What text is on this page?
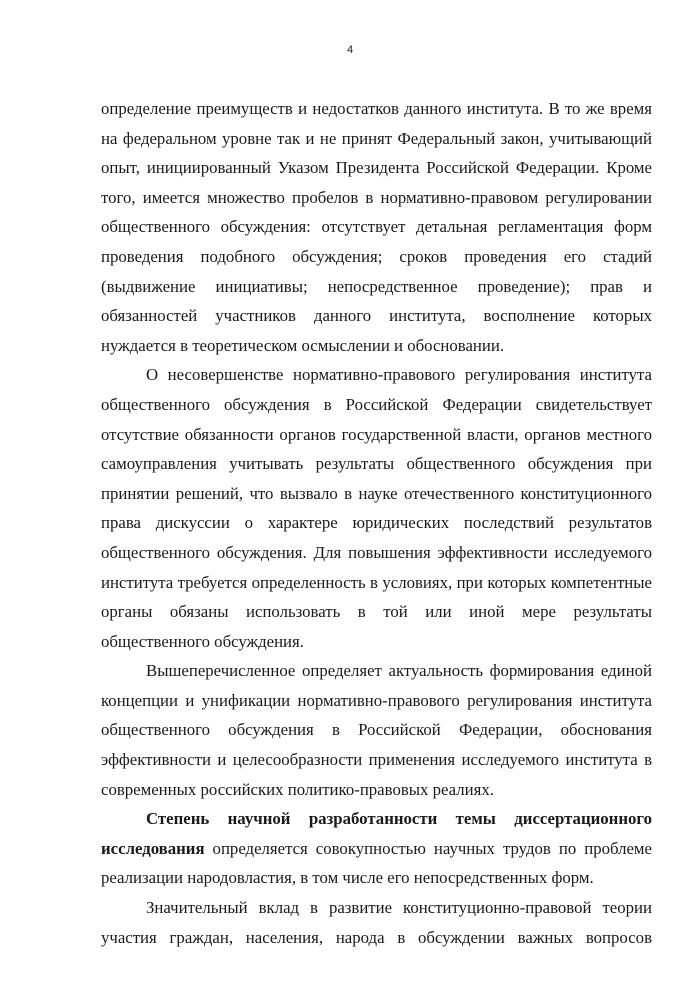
4
определение преимуществ и недостатков данного института. В то же время
на федеральном уровне так и не принят Федеральный закон, учитывающий
опыт, инициированный Указом Президента Российской Федерации. Кроме
того, имеется множество пробелов в нормативно-правовом регулировании
общественного обсуждения: отсутствует детальная регламентация форм
проведения подобного обсуждения; сроков проведения его стадий
(выдвижение инициативы; непосредственное проведение); прав и
обязанностей участников данного института, восполнение которых
нуждается в теоретическом осмыслении и обосновании.
О несовершенстве нормативно-правового регулирования института
общественного обсуждения в Российской Федерации свидетельствует
отсутствие обязанности органов государственной власти, органов местного
самоуправления учитывать результаты общественного обсуждения при
принятии решений, что вызвало в науке отечественного конституционного
права дискуссии о характере юридических последствий результатов
общественного обсуждения. Для повышения эффективности исследуемого
института требуется определенность в условиях, при которых компетентные
органы обязаны использовать в той или иной мере результаты
общественного обсуждения.
Вышеперечисленное определяет актуальность формирования единой
концепции и унификации нормативно-правового регулирования института
общественного обсуждения в Российской Федерации, обоснования
эффективности и целесообразности применения исследуемого института в
современных российских политико-правовых реалиях.
Степень научной разработанности темы диссертационного
исследования определяется совокупностью научных трудов по проблеме
реализации народовластия, в том числе его непосредственных форм.
Значительный вклад в развитие конституционно-правовой теории
участия граждан, населения, народа в обсуждении важных вопросов
